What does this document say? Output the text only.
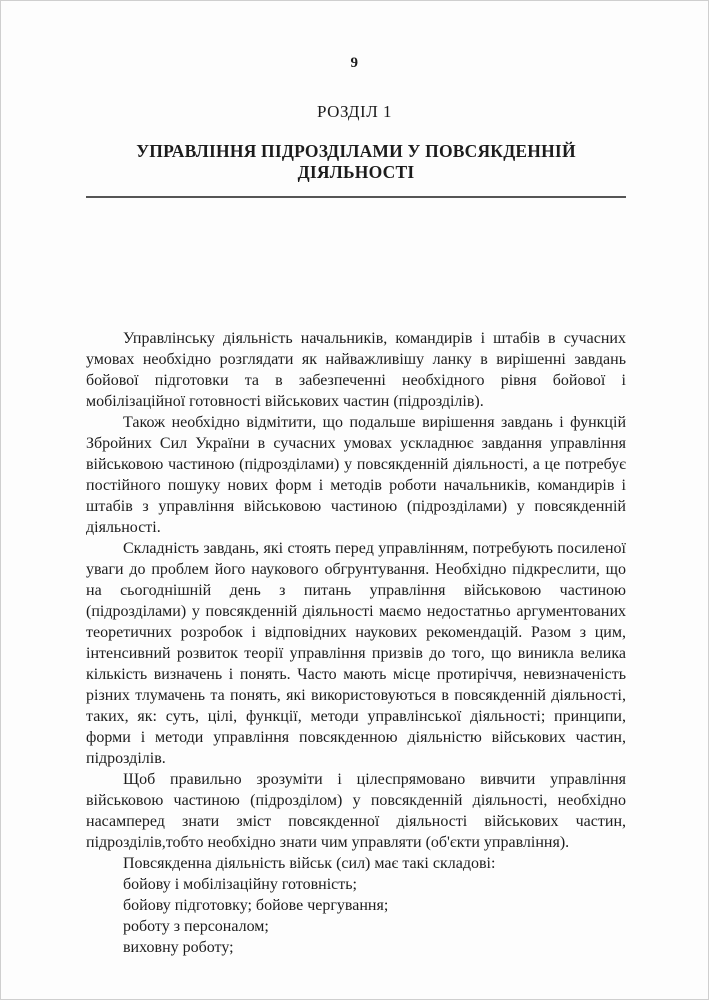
9
РОЗДІЛ 1
УПРАВЛІННЯ ПІДРОЗДІЛАМИ У ПОВСЯКДЕННІЙ ДІЯЛЬНОСТІ

Управлінську діяльність начальників, командирів і штабів в сучасних умовах необхідно розглядати як найважливішу ланку в вирішенні завдань бойової підготовки та в забезпеченні необхідного рівня бойової і мобілізаційної готовності військових частин (підрозділів).

Також необхідно відмітити, що подальше вирішення завдань і функцій Збройних Сил України в сучасних умовах ускладнює завдання управління військовою частиною (підрозділами) у повсякденній діяльності, а це потребує постійного пошуку нових форм і методів роботи начальників, командирів і штабів з управління військовою частиною (підрозділами) у повсякденній діяльності.

Складність завдань, які стоять перед управлінням, потребують посиленої уваги до проблем його наукового обгрунтування. Необхідно підкреслити, що на сьогоднішній день з питань управління військовою частиною (підрозділами) у повсякденній діяльності маємо недостатньо аргументованих теоретичних розробок і відповідних наукових рекомендацій. Разом з цим, інтенсивний розвиток теорії управління призвів до того, що виникла велика кількість визначень і понять. Часто мають місце протиріччя, невизначеність різних тлумачень та понять, які використовуються в повсякденній діяльності, таких, як: суть, цілі, функції, методи управлінської діяльності; принципи, форми і методи управління повсякденною діяльністю військових частин, підрозділів.

Щоб правильно зрозуміти і цілеспрямовано вивчити управління військовою частиною (підрозділом) у повсякденній діяльності, необхідно насамперед знати зміст повсякденної діяльності військових частин, підрозділів,тобто необхідно знати чим управляти (об'єкти управління).

Повсякденна діяльність військ (сил) має такі складові:

бойову і мобілізаційну готовність;

бойову підготовку; бойове чергування;

роботу з персоналом;

виховну роботу;
